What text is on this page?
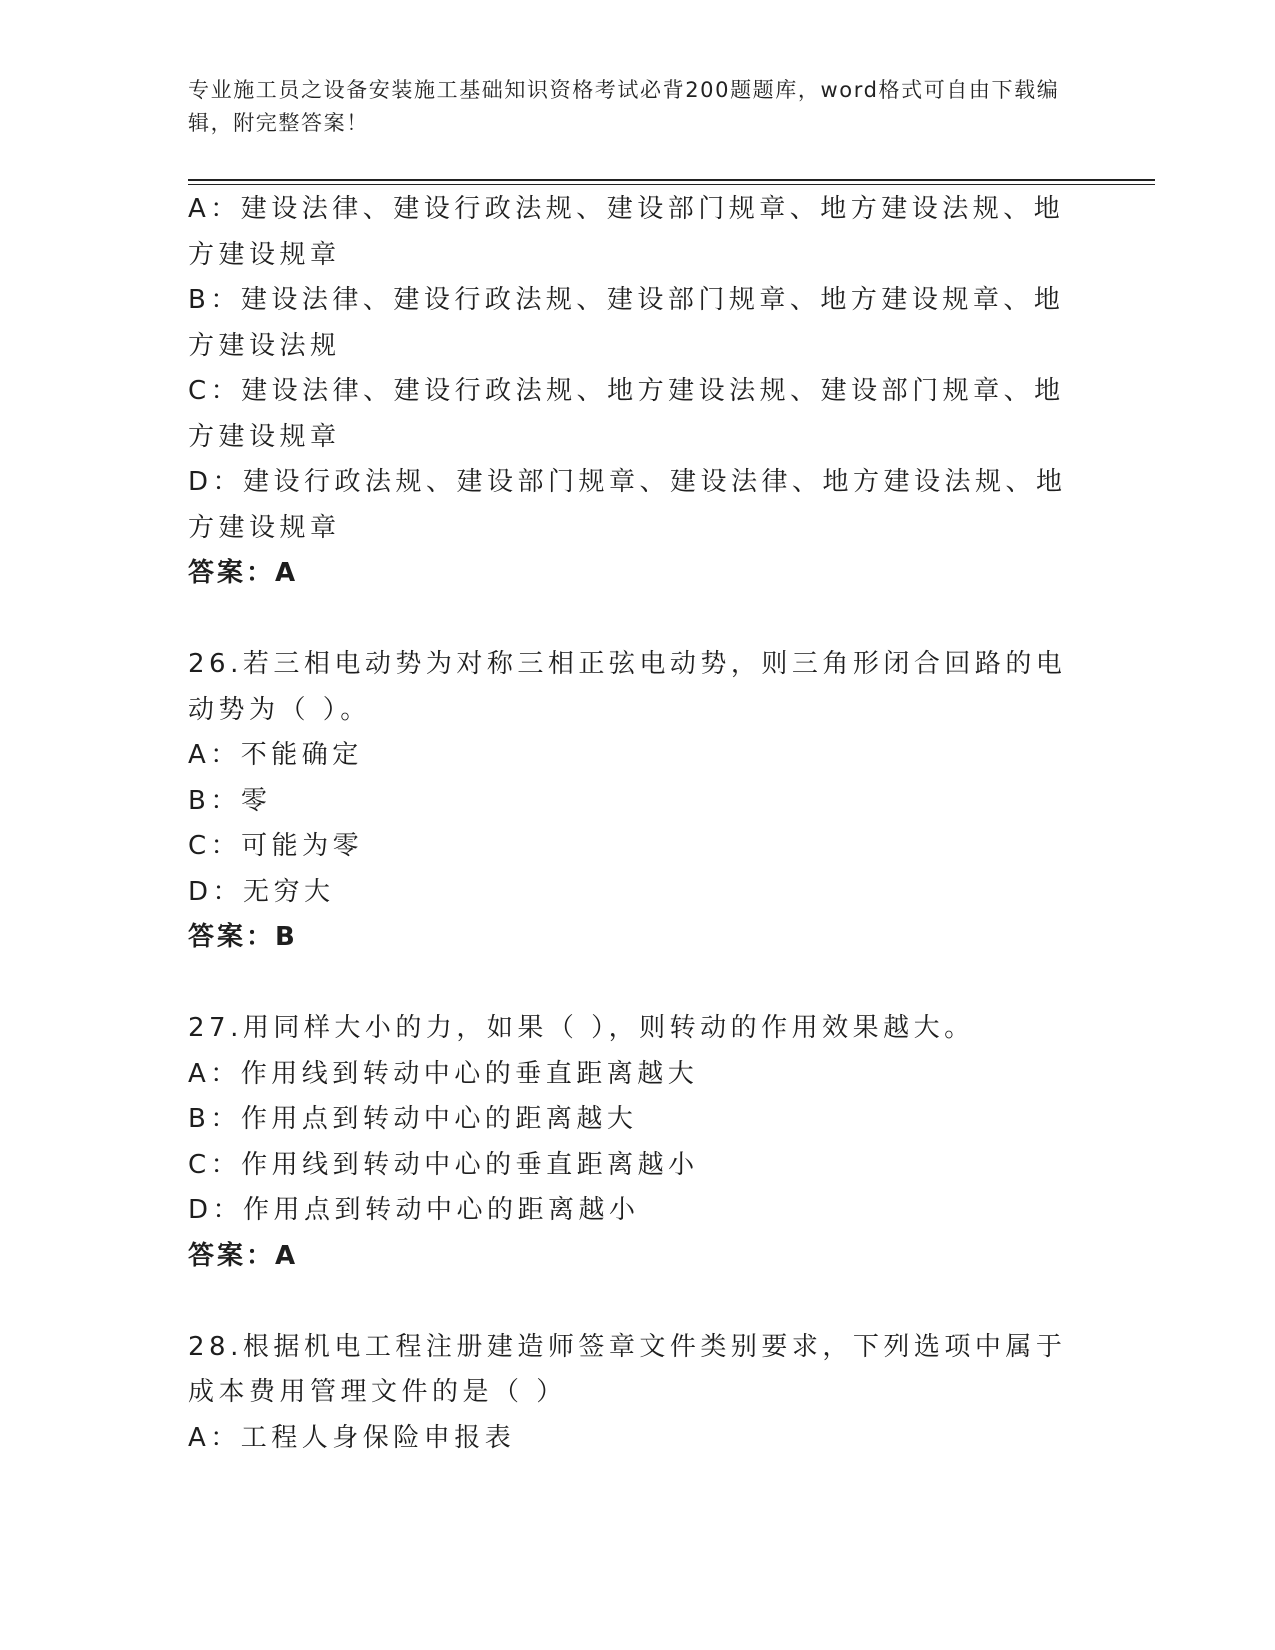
专业施工员之设备安装施工基础知识资格考试必背200题题库，word格式可自由下载编辑，附完整答案！

A：建设法律、建设行政法规、建设部门规章、地方建设法规、地方建设规章

B：建设法律、建设行政法规、建设部门规章、地方建设规章、地方建设法规

C：建设法律、建设行政法规、地方建设法规、建设部门规章、地方建设规章

D：建设行政法规、建设部门规章、建设法律、地方建设法规、地方建设规章

答案：A

26.若三相电动势为对称三相正弦电动势，则三角形闭合回路的电动势为（ ）。

A：不能确定

B：零

C：可能为零

D：无穷大

答案：B

27.用同样大小的力，如果（ ），则转动的作用效果越大。

A：作用线到转动中心的垂直距离越大

B：作用点到转动中心的距离越大

C：作用线到转动中心的垂直距离越小

D：作用点到转动中心的距离越小

答案：A

28.根据机电工程注册建造师签章文件类别要求，下列选项中属于成本费用管理文件的是（ ）

A：工程人身保险申报表
